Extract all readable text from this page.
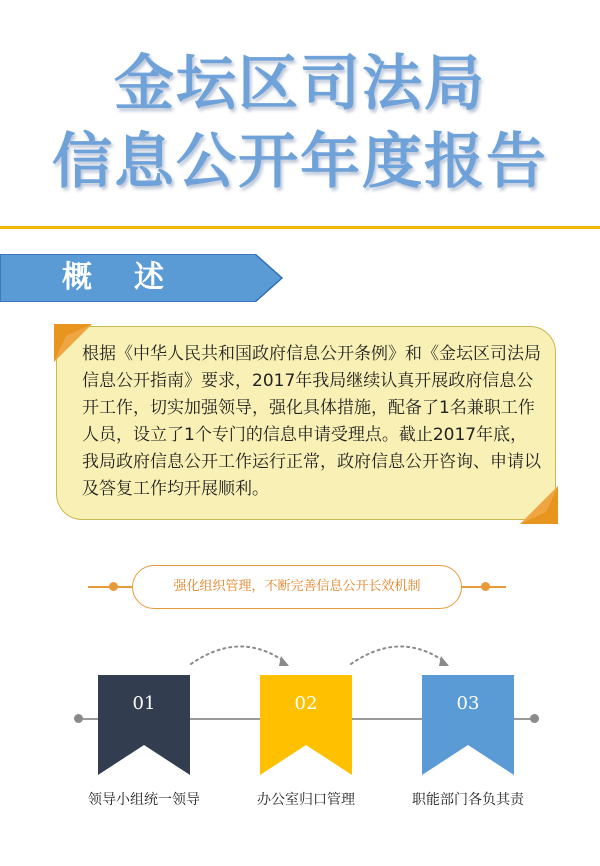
金坛区司法局
信息公开年度报告
概述
根据《中华人民共和国政府信息公开条例》和《金坛区司法局信息公开指南》要求，2017年我局继续认真开展政府信息公开工作，切实加强领导，强化具体措施，配备了1名兼职工作人员，设立了1个专门的信息申请受理点。截止2017年底，我局政府信息公开工作运行正常，政府信息公开咨询、申请以及答复工作均开展顺利。
强化组织管理，不断完善信息公开长效机制
01	02	03
领导小组统一领导	办公室归口管理	职能部门各负其责
